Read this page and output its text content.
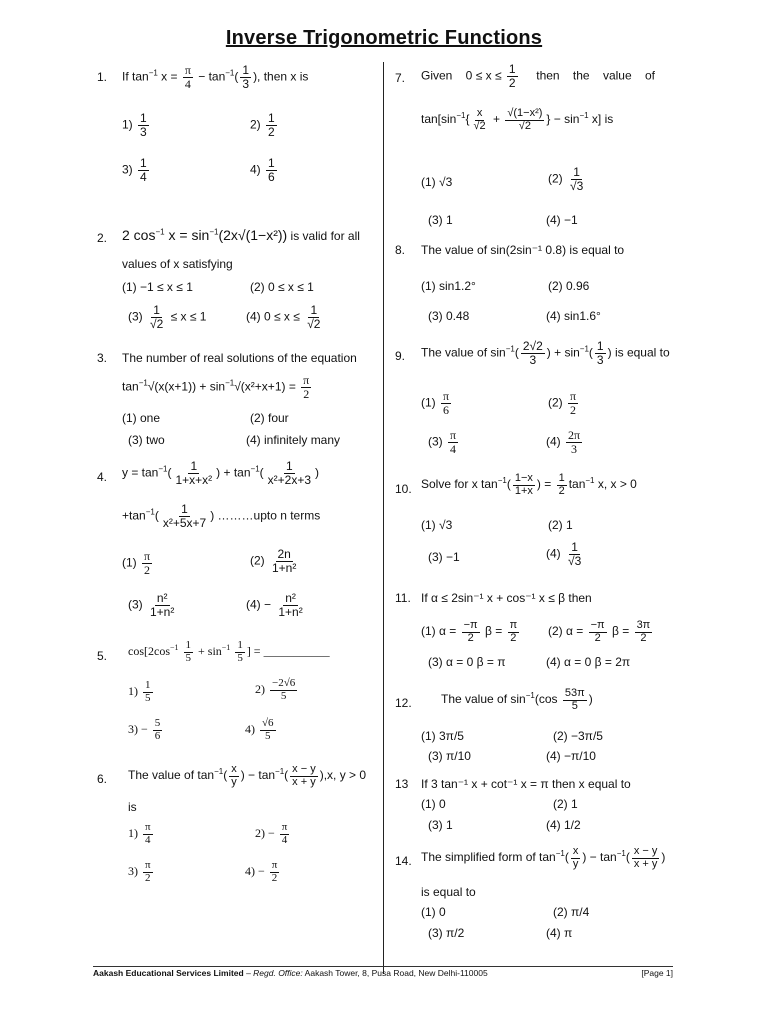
Inverse Trigonometric Functions
1. If $\tan^{-1} x = \frac{\pi}{4} - \tan^{-1}( \frac{1}{3}$ ), then x is
$1) \frac{1}{3}$	$2) \frac{1}{2}$
$3) \frac{1}{4}$	$4) \frac{1}{6}$
2. 2 $\cos^{-1} x = \sin^{-1}(2x√(1-x^2))$ is valid for all
values of x satisfying
(1) −1 ≤ x ≤ 1	(2) 0 ≤ x ≤ 1
$(3) \frac{1}{√2} \le x \le 1$	(4) $0 \le x \le \frac{1}{√2}$
3. The number of real solutions of the equation
$\tan^{-1}√(x(x+1)) + \sin^{-1}√(x^2+x+1) = \frac{\pi}{2}$
(1) one	(2) four
(3) two	(4) infinitely many
4. $y = \tan^{-1}( \frac{1}{\text{1+x+x²}}$ ) + $\tan^{-1}( \frac{1}{\text{x²+2x+3}}$ )
$+\tan^{-1}( \frac{1}{\text{x²+5x+7}}$ ) ………upto n terms
$(1) \frac{\pi}{2}$	$(2) \frac{2n}{\text{1+n²}}$
$(3) \frac{\text{n²}}{\text{1+n²}}$	$(4) - \frac{\text{n²}}{\text{1+n²}}$
5. $\cos[2\cos^{-1} \frac{1}{5} + \sin^{-1} \frac{1}{5}$ ] = ___________
$1) \frac{1}{5}$	$2) \frac{-2√6}{5}$
$3) - \frac{5}{6}$	$4) \frac{√6}{5}$
6. The value of $\tan^{-1}( \frac{x}{y}$ ) − $\tan^{-1}( \frac{x - y}{x + y} ),x$, y > 0
is
$1) \frac{\pi}{4}$	$2) - \frac{\pi}{4}$
$3) \frac{\pi}{2}$	$4) - \frac{\pi}{2}$
7. Given    $0 \le x \le \frac{1}{2}$ then    the    value    of
$\tan[\sin^{-1}\{ \frac{x}{√2} + \frac{\text{√(1−x²)}}{√2}$ } − $\sin^{-1} x$] is
(1) √3	$(2) \frac{1}{√3}$
(3) 1	(4) −1
8. The value of sin(2sin⁻¹ 0.8) is equal to
(1) sin1.2°	(2) 0.96
(3) 0.48	(4) sin1.6°
9. The value of $\sin^{-1}( \frac{2√2}{3}$ ) + $\sin^{-1}( \frac{1}{3}$ ) is equal to
$(1) \frac{\pi}{6}$	$(2) \frac{\pi}{2}$
$(3) \frac{\pi}{4}$	$(4) \frac{2\pi}{3}$
10. Solve for x $\tan^{-1}( \frac{1-x}{1+x}$ ) = $\frac{1}{2} \tan^{-1} x$, x > 0
(1) √3	(2) 1
(3) −1	$(4) \frac{1}{√3}$
11. If α ≤ 2sin⁻¹ x + cos⁻¹ x ≤ β then
(1) $\alpha = \frac{-\pi}{2}$ $\beta = \frac{\pi}{2} (2) \alpha = \frac{-\pi}{2}$ $\beta = \frac{3\pi}{2}$
(3) α = 0 β = π	(4) α = 0 β = 2π
12. The value of $\sin^{-1}(\cos \frac{53\pi}{5}$ )
(1) 3π/5	(2) −3π/5
(3) π/10	(4) −π/10
13 If 3 tan⁻¹ x + cot⁻¹ x = π then x equal to
(1) 0	(2) 1
(3) 1	(4) 1/2
14. The simplified form of $\tan^{-1}( \frac{x}{y}$ ) − $\tan^{-1}( \frac{x - y}{x + y}$ )
is equal to
(1) 0	(2) π/4
(3) π/2	(4) π
Aakash Educational Services Limited – Regd. Office: Aakash Tower, 8, Pusa Road, New Delhi-110005	[Page 1]
